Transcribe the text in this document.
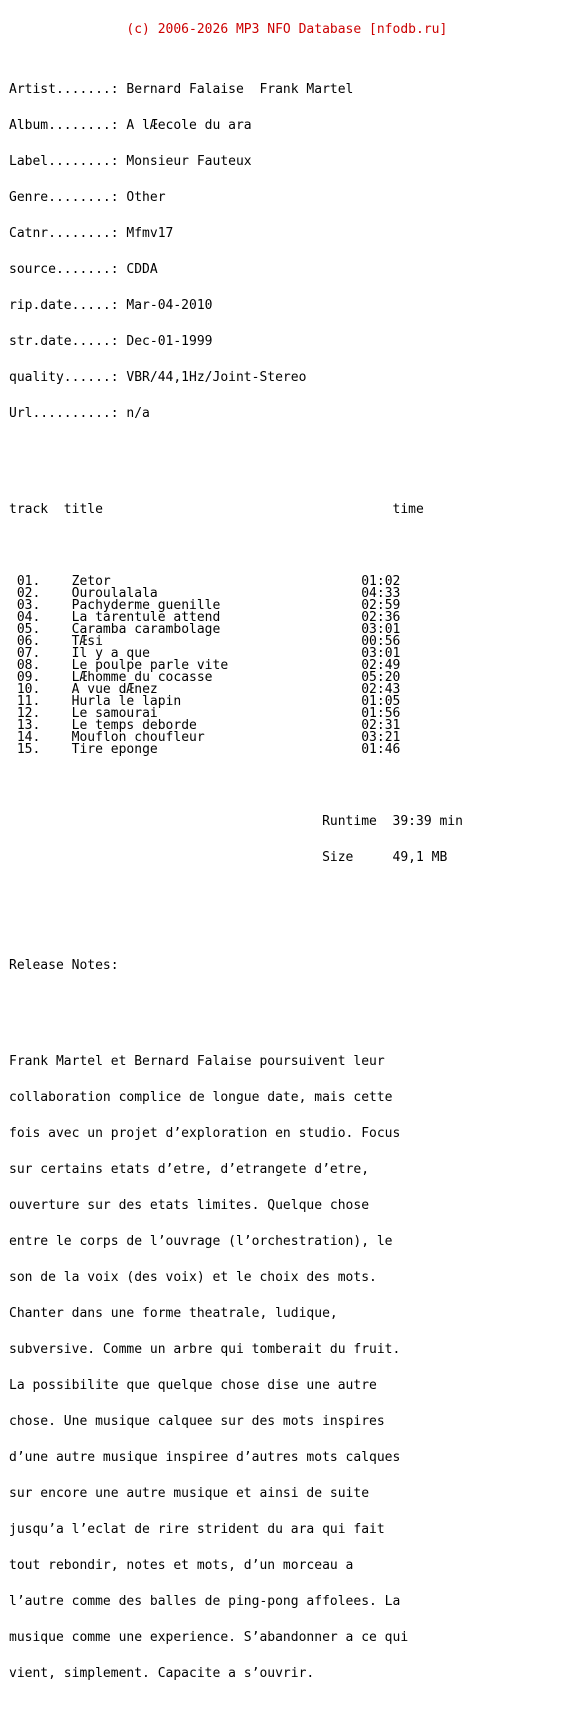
(c) 2006-2026 MP3 NFO Database [nfodb.ru]

Artist.......: Bernard Falaise  Frank Martel

Album........: A lÆecole du ara

Label........: Monsieur Fauteux

Genre........: Other

Catnr........: Mfmv17

source.......: CDDA

rip.date.....: Mar-04-2010

str.date.....: Dec-01-1999

quality......: VBR/44,1Hz/Joint-Stereo

Url..........: n/a

track  title                                     time

01. Zetor	01:02
02. Ouroulalala	04:33
03. Pachyderme guenille	02:59
04. La tarentule attend	02:36
05. Caramba carambolage	03:01
06. TÆsi	00:56
07. Il y a que	03:01
08. Le poulpe parle vite	02:49
09. LÆhomme du cocasse	05:20
10. A vue dÆnez	02:43
11. Hurla le lapin	01:05
12. Le samourai	01:56
13. Le temps deborde	02:31
14. Mouflon choufleur	03:21
15. Tire eponge	01:46

Runtime  39:39 min

Size     49,1 MB

Release Notes:

Frank Martel et Bernard Falaise poursuivent leur

collaboration complice de longue date, mais cette

fois avec un projet d’exploration en studio. Focus

sur certains etats d’etre, d’etrangete d’etre,

ouverture sur des etats limites. Quelque chose

entre le corps de l’ouvrage (l’orchestration), le

son de la voix (des voix) et le choix des mots.

Chanter dans une forme theatrale, ludique,

subversive. Comme un arbre qui tomberait du fruit.

La possibilite que quelque chose dise une autre

chose. Une musique calquee sur des mots inspires

d’une autre musique inspiree d’autres mots calques

sur encore une autre musique et ainsi de suite

jusqu’a l’eclat de rire strident du ara qui fait

tout rebondir, notes et mots, d’un morceau a

l’autre comme des balles de ping-pong affolees. La

musique comme une experience. S’abandonner a ce qui

vient, simplement. Capacite a s’ouvrir.
